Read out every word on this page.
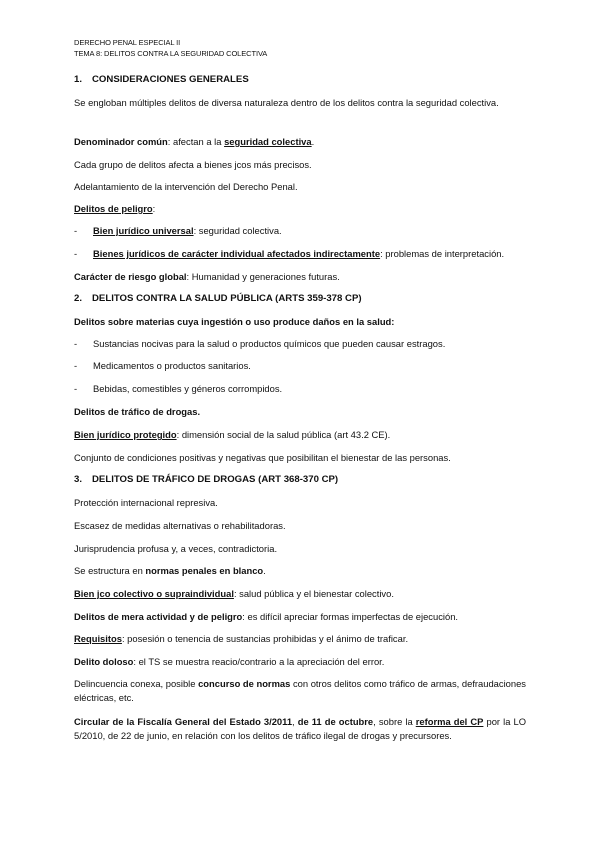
DERECHO PENAL ESPECIAL II
TEMA 8: DELITOS CONTRA LA SEGURIDAD COLECTIVA
1. CONSIDERACIONES GENERALES
Se engloban múltiples delitos de diversa naturaleza dentro de los delitos contra la seguridad colectiva.
Denominador común: afectan a la seguridad colectiva.
Cada grupo de delitos afecta a bienes jcos más precisos.
Adelantamiento de la intervención del Derecho Penal.
Delitos de peligro:
- Bien jurídico universal: seguridad colectiva.
- Bienes jurídicos de carácter individual afectados indirectamente: problemas de interpretación.
Carácter de riesgo global: Humanidad y generaciones futuras.
2. DELITOS CONTRA LA SALUD PÚBLICA (ARTS 359-378 CP)
Delitos sobre materias cuya ingestión o uso produce daños en la salud:
- Sustancias nocivas para la salud o productos químicos que pueden causar estragos.
- Medicamentos o productos sanitarios.
- Bebidas, comestibles y géneros corrompidos.
Delitos de tráfico de drogas.
Bien jurídico protegido: dimensión social de la salud pública (art 43.2 CE).
Conjunto de condiciones positivas y negativas que posibilitan el bienestar de las personas.
3. DELITOS DE TRÁFICO DE DROGAS (ART 368-370 CP)
Protección internacional represiva.
Escasez de medidas alternativas o rehabilitadoras.
Jurisprudencia profusa y, a veces, contradictoria.
Se estructura en normas penales en blanco.
Bien jco colectivo o supraindividual: salud pública y el bienestar colectivo.
Delitos de mera actividad y de peligro: es difícil apreciar formas imperfectas de ejecución.
Requisitos: posesión o tenencia de sustancias prohibidas y el ánimo de traficar.
Delito doloso: el TS se muestra reacio/contrario a la apreciación del error.
Delincuencia conexa, posible concurso de normas con otros delitos como tráfico de armas, defraudaciones eléctricas, etc.
Circular de la Fiscalía General del Estado 3/2011, de 11 de octubre, sobre la reforma del CP por la LO 5/2010, de 22 de junio, en relación con los delitos de tráfico ilegal de drogas y precursores.
